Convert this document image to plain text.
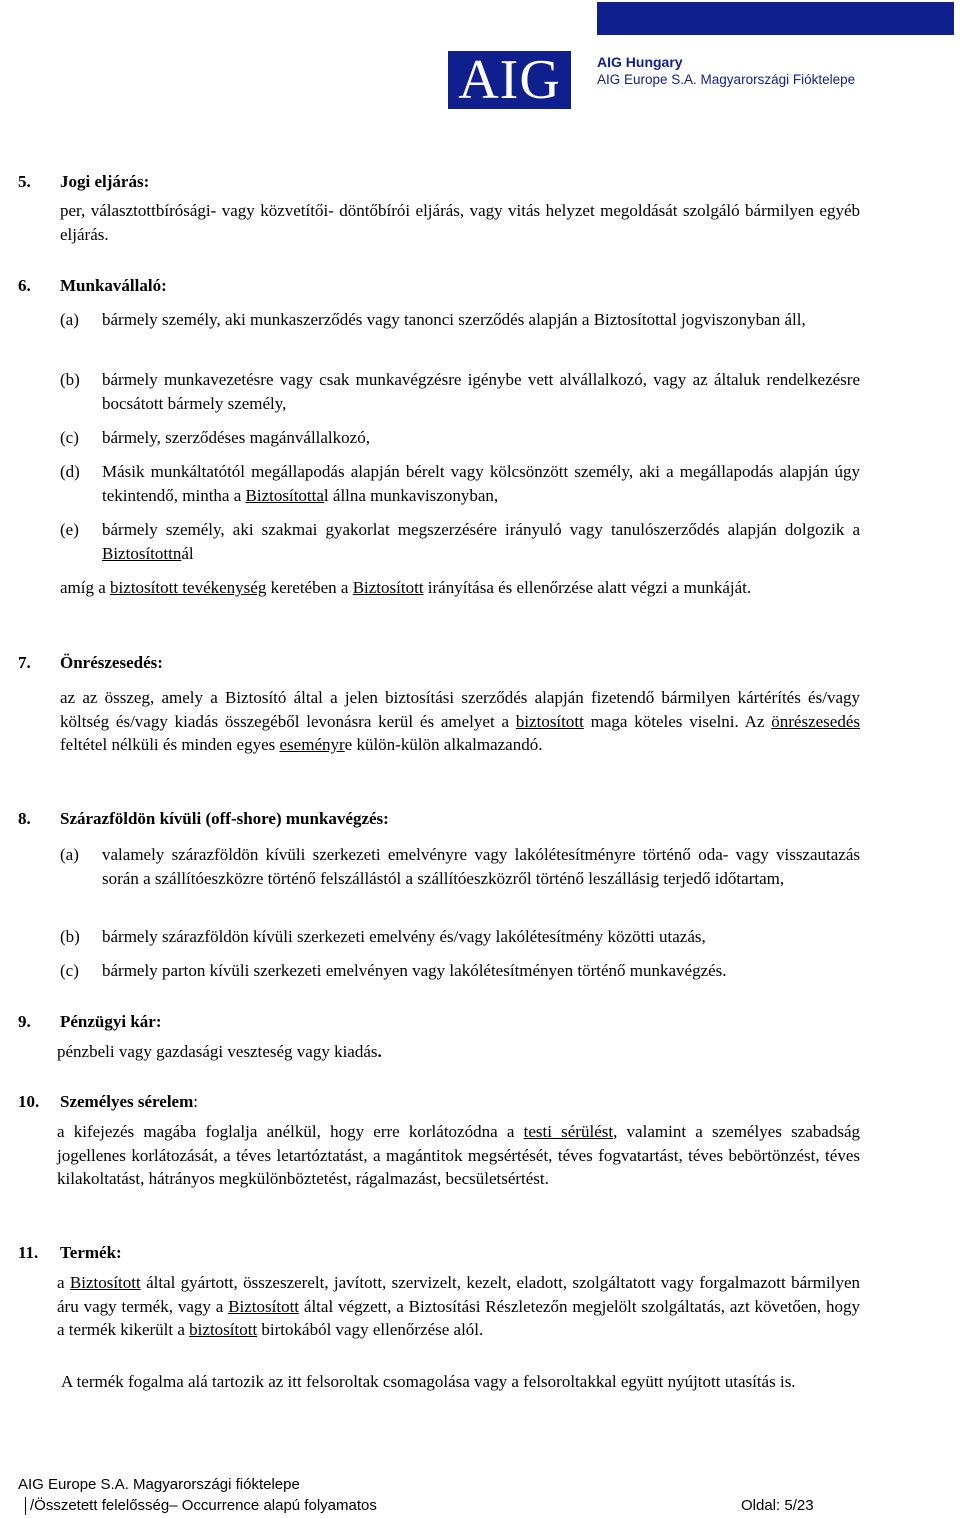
AIG	AIG Hungary
AIG Europe S.A. Magyarországi Fióktelepe
5. Jogi eljárás:
per, választottbírósági- vagy közvetítői- döntőbírói eljárás, vagy vitás helyzet megoldását szolgáló bármilyen egyéb eljárás.
6. Munkavállaló:
(a) bármely személy, aki munkaszerződés vagy tanonci szerződés alapján a Biztosítottal jogviszonyban áll,
(b) bármely munkavezetésre vagy csak munkavégzésre igénybe vett alvállalkozó, vagy az általuk rendelkezésre bocsátott bármely személy,
(c) bármely, szerződéses magánvállalkozó,
(d) Másik munkáltatótól megállapodás alapján bérelt vagy kölcsönzött személy, aki a megállapodás alapján úgy tekintendő, mintha a Biztosítottal állna munkaviszonyban,
(e) bármely személy, aki szakmai gyakorlat megszerzésére irányuló vagy tanulószerződés alapján dolgozik a Biztosítottnál
amíg a biztosított tevékenység keretében a Biztosított irányítása és ellenőrzése alatt végzi a munkáját.
7. Önrészesedés:
az az összeg, amely a Biztosító által a jelen biztosítási szerződés alapján fizetendő bármilyen kártérítés és/vagy költség és/vagy kiadás összegéből levonásra kerül és amelyet a biztosított maga köteles viselni. Az önrészesedés feltétel nélküli és minden egyes eseményre külön-külön alkalmazandó.
8. Szárazföldön kívüli (off-shore) munkavégzés:
(a) valamely szárazföldön kívüli szerkezeti emelvényre vagy lakólétesítményre történő oda- vagy visszautazás során a szállítóeszközre történő felszállástól a szállítóeszközről történő leszállásig terjedő időtartam,
(b) bármely szárazföldön kívüli szerkezeti emelvény és/vagy lakólétesítmény közötti utazás,
(c) bármely parton kívüli szerkezeti emelvényen vagy lakólétesítményen történő munkavégzés.
9. Pénzügyi kár:
pénzbeli vagy gazdasági veszteség vagy kiadás.
10. Személyes sérelem:
a kifejezés magába foglalja anélkül, hogy erre korlátozódna a testi sérülést, valamint a személyes szabadság jogellenes korlátozását, a téves letartóztatást, a magántitok megsértését, téves fogvatartást, téves bebörtönzést, téves kilakoltatást, hátrányos megkülönböztetést, rágalmazást, becsületsértést.
11. Termék:
a Biztosított által gyártott, összeszerelt, javított, szervizelt, kezelt, eladott, szolgáltatott vagy forgalmazott bármilyen áru vagy termék, vagy a Biztosított által végzett, a Biztosítási Részletezőn megjelölt szolgáltatás, azt követően, hogy a termék kikerült a biztosított birtokából vagy ellenőrzése alól.
A termék fogalma alá tartozik az itt felsoroltak csomagolása vagy a felsoroltakkal együtt nyújtott utasítás is.
AIG Europe S.A. Magyarországi fióktelepe
/Összetett felelősség– Occurrence alapú folyamatos	Oldal: 5/23
